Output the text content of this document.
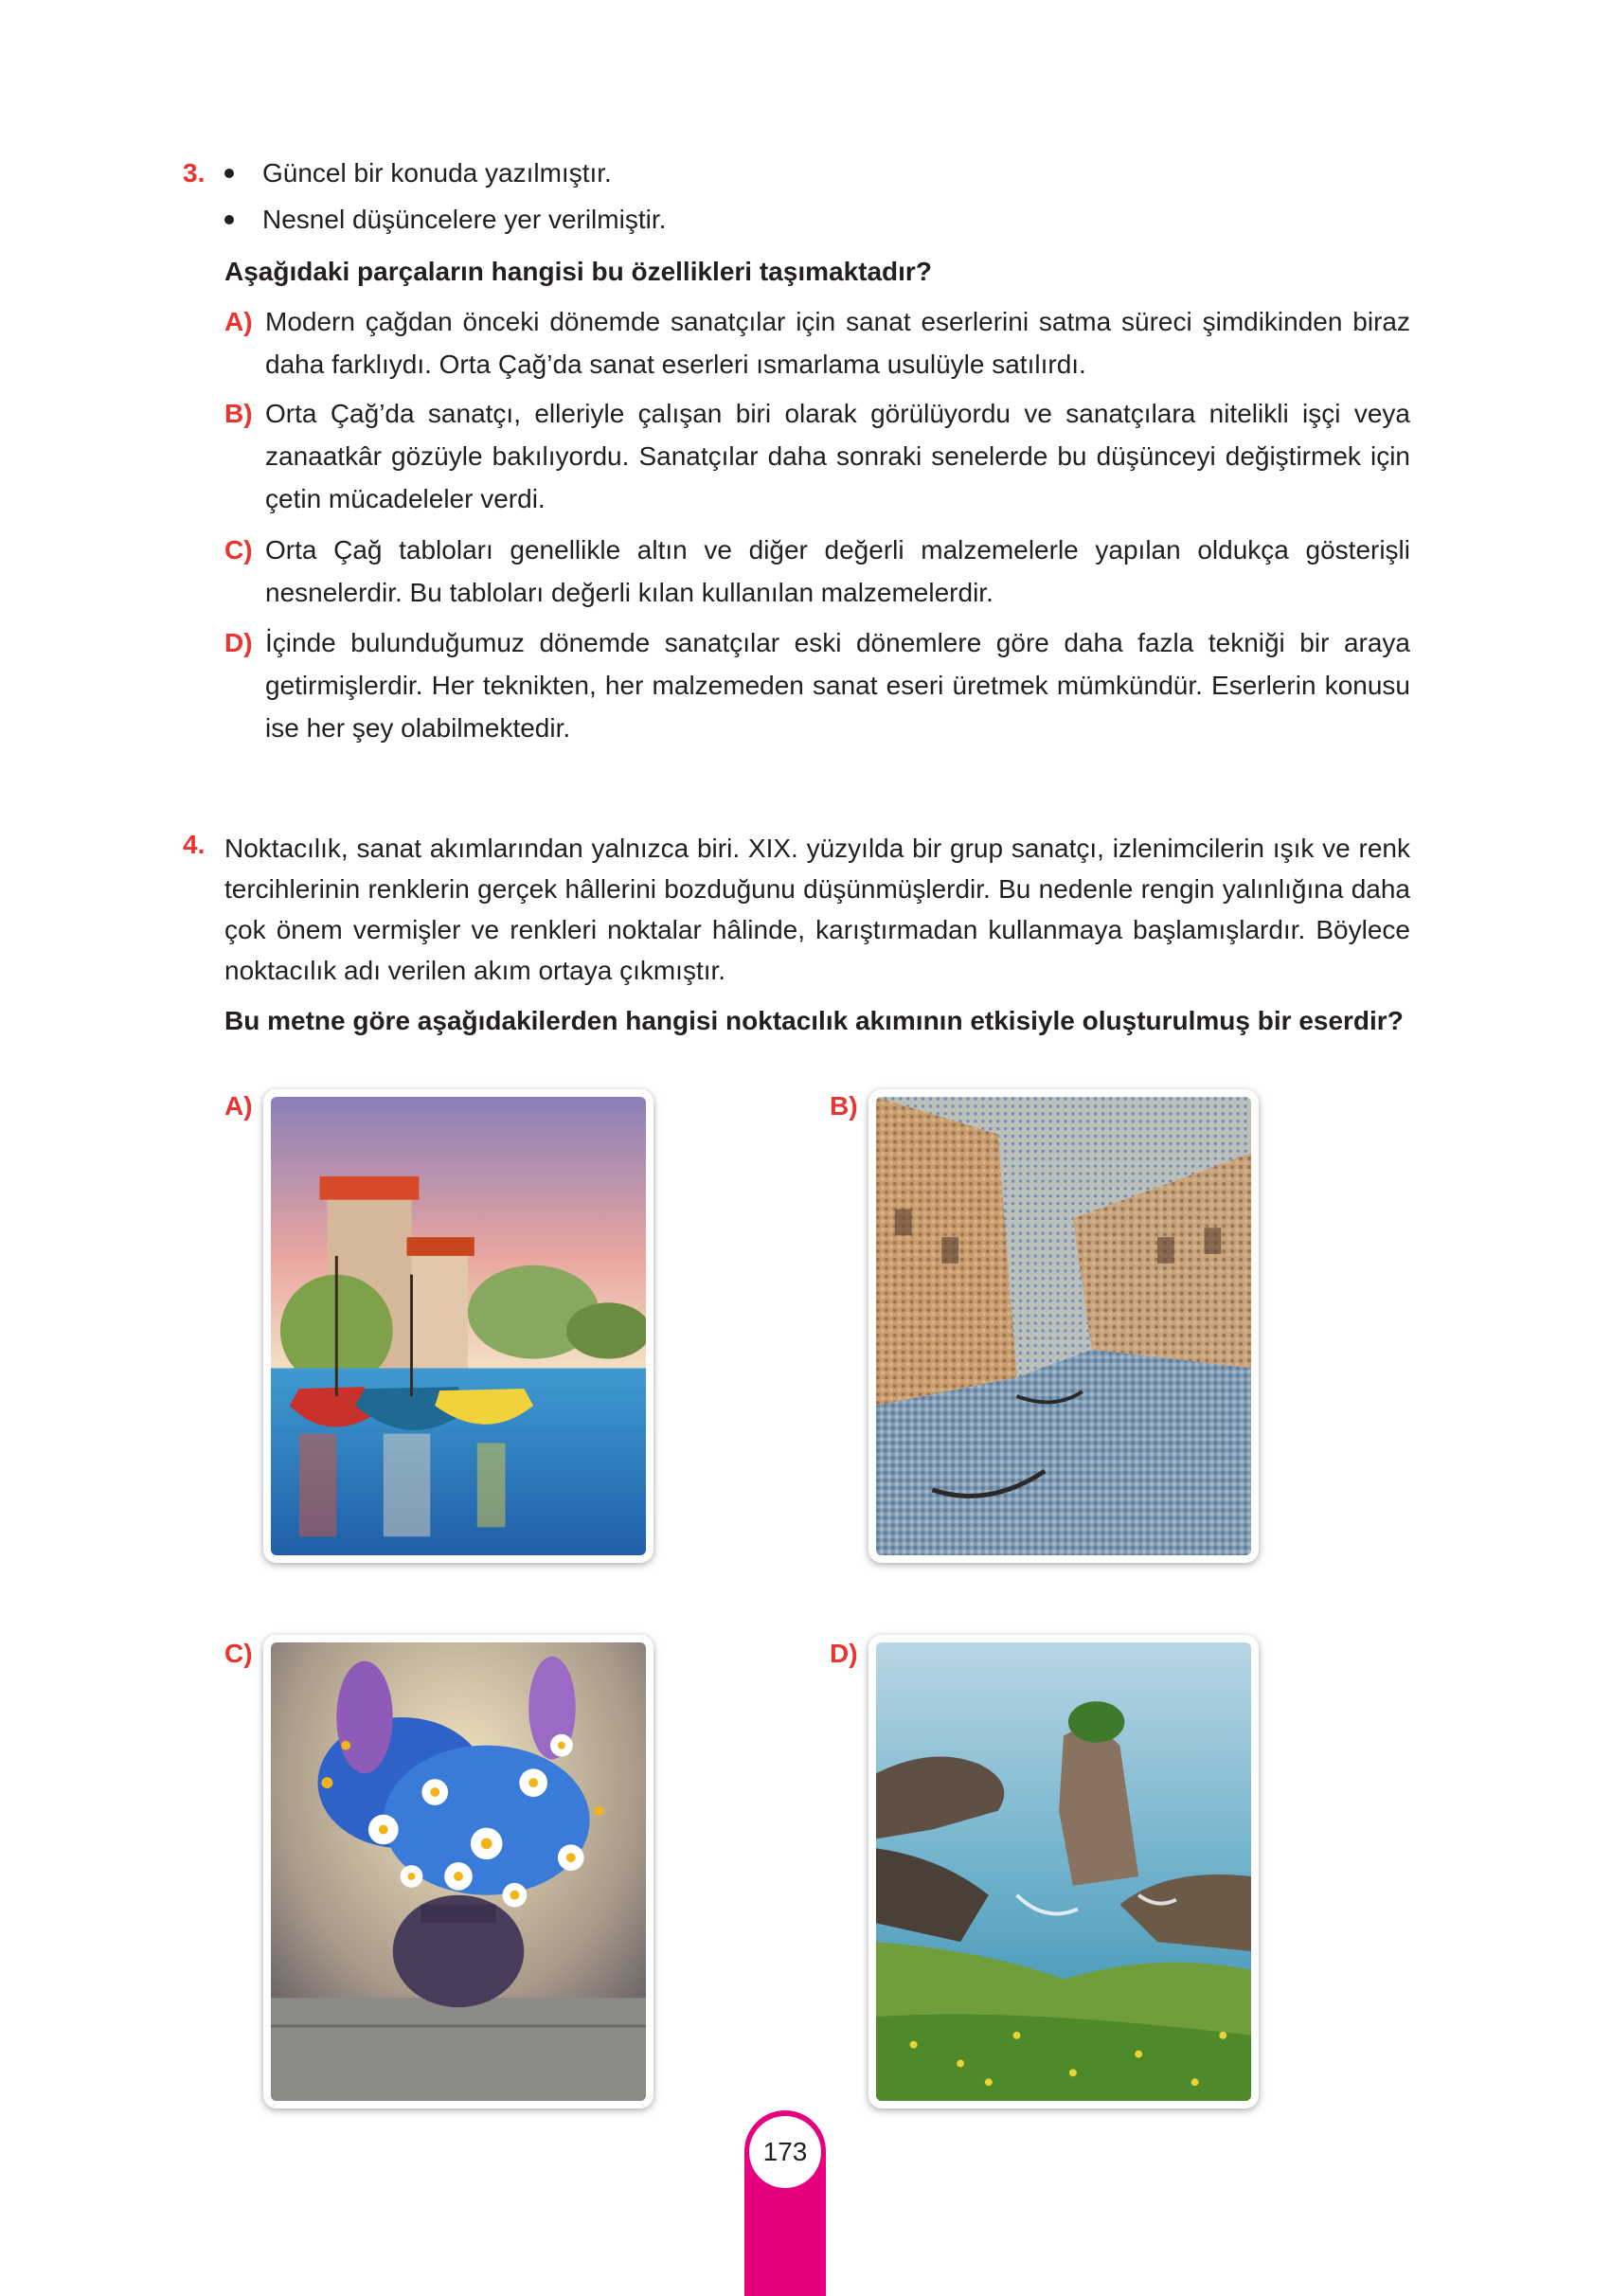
3.	Güncel bir konuda yazılmıştır.
Nesnel düşüncelere yer verilmiştir.
Aşağıdaki parçaların hangisi bu özellikleri taşımaktadır?
A) Modern çağdan önceki dönemde sanatçılar için sanat eserlerini satma süreci şimdikinden biraz daha farklıydı. Orta Çağ’da sanat eserleri ısmarlama usulüyle satılırdı.
B) Orta Çağ’da sanatçı, elleriyle çalışan biri olarak görülüyordu ve sanatçılara nitelikli işçi veya zanaatkâr gözüyle bakılıyordu. Sanatçılar daha sonraki senelerde bu düşünceyi değiştirmek için çetin mücadeleler verdi.
C) Orta Çağ tabloları genellikle altın ve diğer değerli malzemelerle yapılan oldukça gösterişli nesnelerdir. Bu tabloları değerli kılan kullanılan malzemelerdir.
D) İçinde bulunduğumuz dönemde sanatçılar eski dönemlere göre daha fazla tekniği bir araya getirmişlerdir. Her teknikten, her malzemeden sanat eseri üretmek mümkündür. Eserlerin konusu ise her şey olabilmektedir.
4. Noktacılık, sanat akımlarından yalnızca biri. XIX. yüzyılda bir grup sanatçı, izlenimcilerin ışık ve renk tercihlerinin renklerin gerçek hâllerini bozduğunu düşünmüşlerdir. Bu nedenle rengin yalınlığına daha çok önem vermişler ve renkleri noktalar hâlinde, karıştırmadan kullanmaya başlamışlardır. Böylece noktacılık adı verilen akım ortaya çıkmıştır.
Bu metne göre aşağıdakilerden hangisi noktacılık akımının etkisiyle oluşturulmuş bir eserdir?
A)	B)
C)	D)
173
